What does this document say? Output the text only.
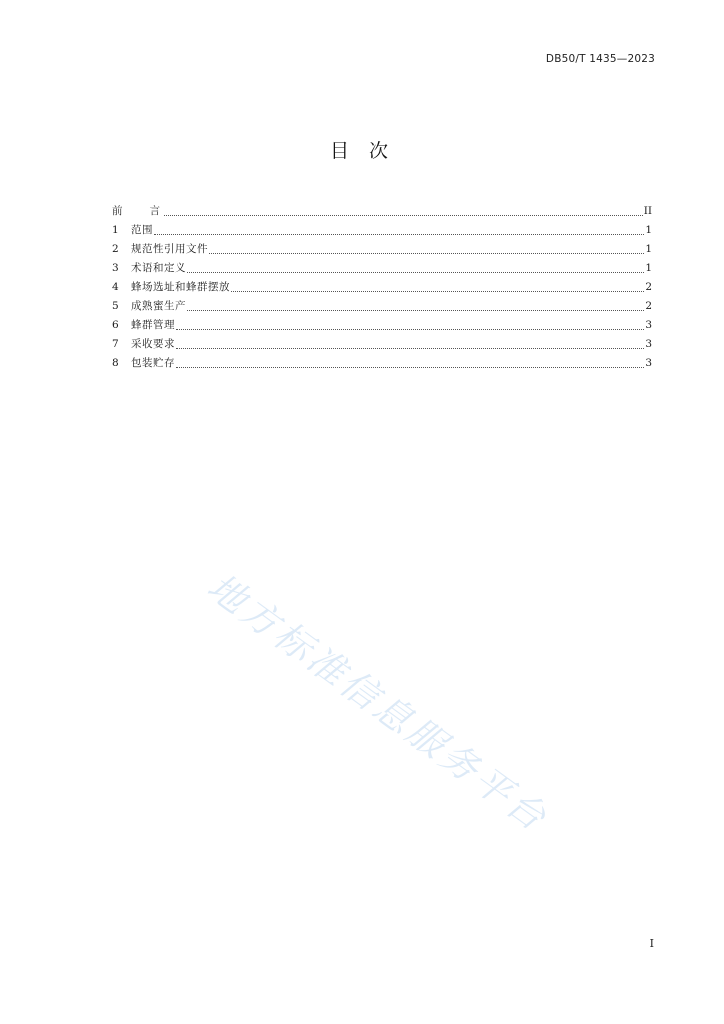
DB50/T 1435—2023
目 次
前言	II
1	范围	1
2	规范性引用文件	1
3	术语和定义	1
4	蜂场选址和蜂群摆放	2
5	成熟蜜生产	2
6	蜂群管理	3
7	采收要求	3
8	包装贮存	3
地方标准信息服务平台
I
